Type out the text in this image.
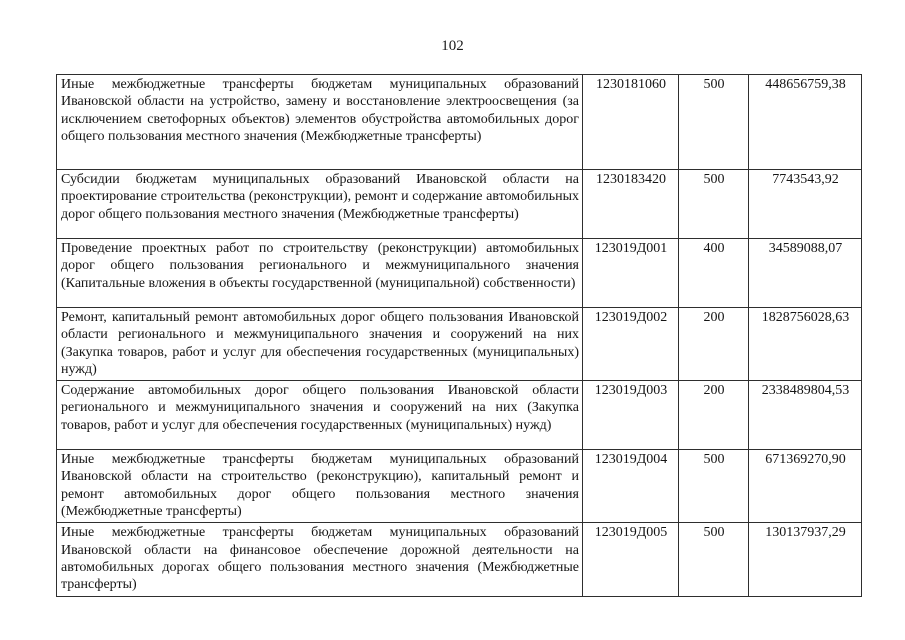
102
Иные межбюджетные трансферты бюджетам муниципальных образований Ивановской области на устройство, замену и восстановление электроосвещения (за исключением светофорных объектов) элементов обустройства автомобильных дорог общего пользования местного значения (Межбюджетные трансферты)	1230181060	500	448656759,38
Субсидии бюджетам муниципальных образований Ивановской области на проектирование строительства (реконструкции), ремонт и содержание автомобильных дорог общего пользования местного значения (Межбюджетные трансферты)	1230183420	500	7743543,92
Проведение проектных работ по строительству (реконструкции) автомобильных дорог общего пользования регионального и межмуниципального значения (Капитальные вложения в объекты государственной (муниципальной) собственности)	123019Д001	400	34589088,07
Ремонт, капитальный ремонт автомобильных дорог общего пользования Ивановской области регионального и межмуниципального значения и сооружений на них (Закупка товаров, работ и услуг для обеспечения государственных (муниципальных) нужд)	123019Д002	200	1828756028,63
Содержание автомобильных дорог общего пользования Ивановской области регионального и межмуниципального значения и сооружений на них (Закупка товаров, работ и услуг для обеспечения государственных (муниципальных) нужд)	123019Д003	200	2338489804,53
Иные межбюджетные трансферты бюджетам муниципальных образований Ивановской области на строительство (реконструкцию), капитальный ремонт и ремонт автомобильных дорог общего пользования местного значения (Межбюджетные трансферты)	123019Д004	500	671369270,90
Иные межбюджетные трансферты бюджетам муниципальных образований Ивановской области на финансовое обеспечение дорожной деятельности на автомобильных дорогах общего пользования местного значения (Межбюджетные трансферты)	123019Д005	500	130137937,29
